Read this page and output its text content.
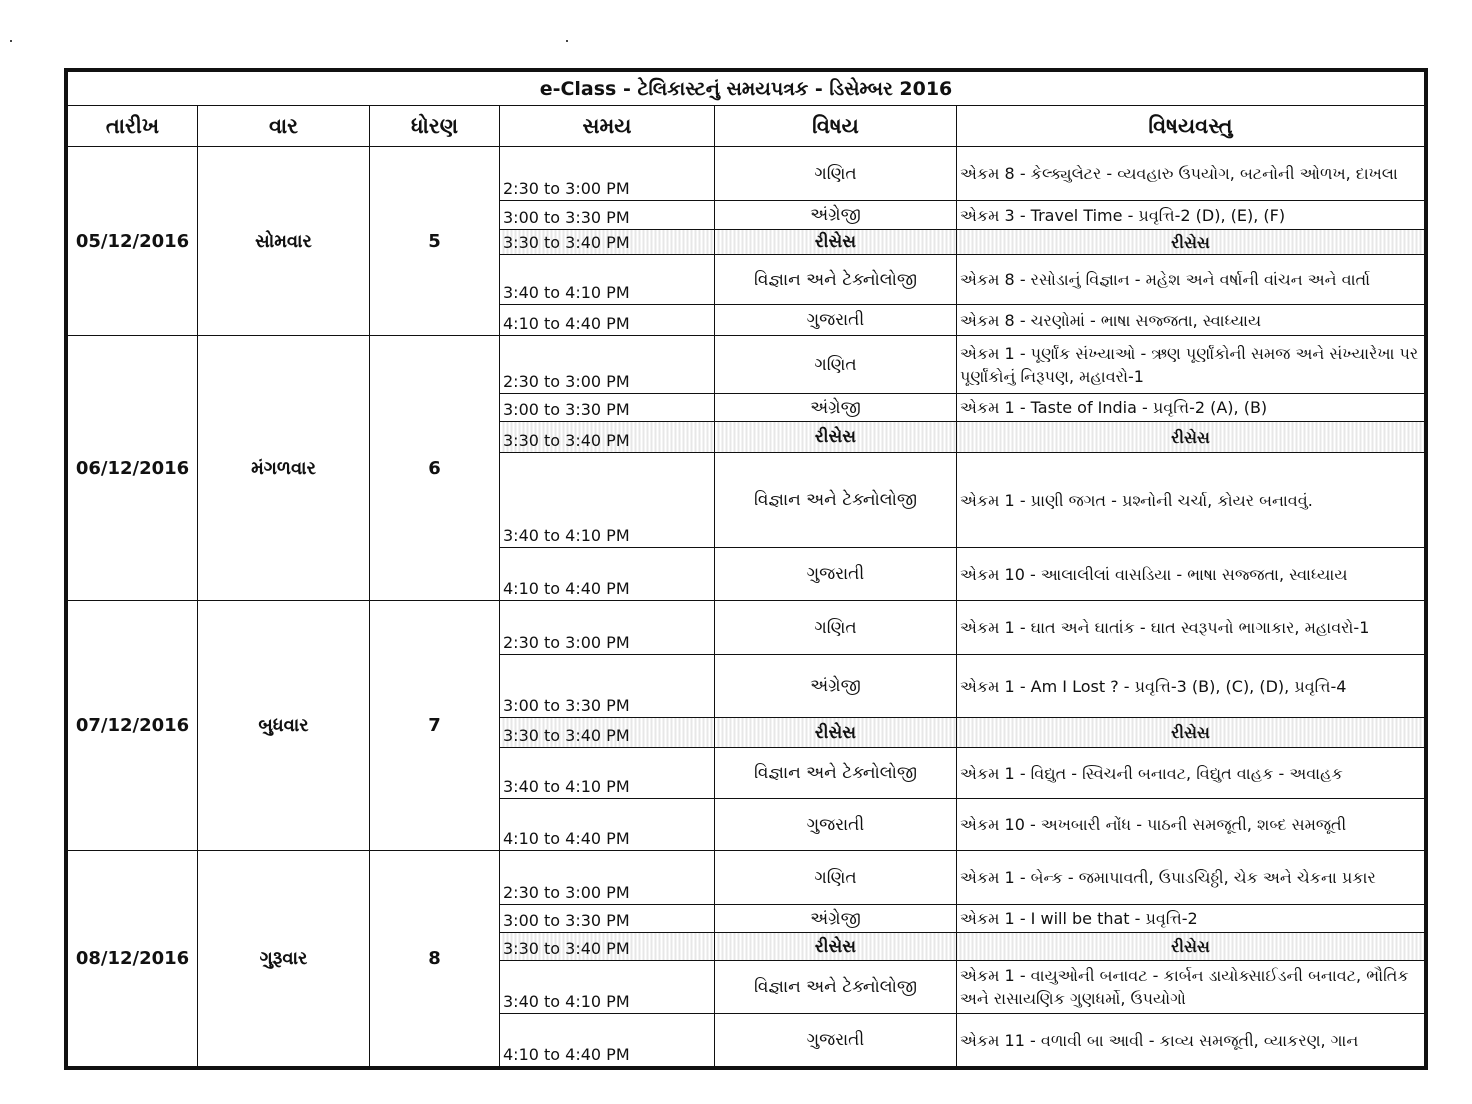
e-Class - ટેલિકાસ્ટનું સમયપત્રક - ડિસેમ્બર 2016					
તારીખ	વાર	ધોરણ	સમય	વિષય	વિષયવસ્તુ
05/12/2016	સોમવાર	5	2:30 to 3:00 PM	ગણિત	એકમ 8 - કેલ્ક્યુલેટર - વ્યવહારુ ઉપયોગ, બટનોની ઓળખ, દાખલા
			3:00 to 3:30 PM	અંગ્રેજી	એકમ 3 - Travel Time - પ્રવૃત્તિ-2 (D), (E), (F)
			3:30 to 3:40 PM	રીસેસ	રીસેસ
			3:40 to 4:10 PM	વિજ્ઞાન અને ટેક્નોલોજી	એકમ 8 - રસોડાનું વિજ્ઞાન - મહેશ અને વર્ષાની વાંચન અને વાર્તા
			4:10 to 4:40 PM	ગુજરાતી	એકમ 8 - ચરણોમાં - ભાષા સજ્જતા, સ્વાધ્યાય
06/12/2016	મંગળવાર	6	2:30 to 3:00 PM	ગણિત	એકમ 1 - પૂર્ણાંક સંખ્યાઓ - ઋણ પૂર્ણાંકોની સમજ અને સંખ્યારેખા પર પૂર્ણાંકોનું નિરૂપણ, મહાવરો-1
			3:00 to 3:30 PM	અંગ્રેજી	એકમ 1 - Taste of India - પ્રવૃત્તિ-2 (A), (B)
			3:30 to 3:40 PM	રીસેસ	રીસેસ
			3:40 to 4:10 PM	વિજ્ઞાન અને ટેક્નોલોજી	એકમ 1 - પ્રાણી જગત - પ્રશ્નોની ચર્ચા, કોયર બનાવવું.
			4:10 to 4:40 PM	ગુજરાતી	એકમ 10 - આલાલીલાં વાસડિયા - ભાષા સજ્જતા, સ્વાધ્યાય
07/12/2016	બુધવાર	7	2:30 to 3:00 PM	ગણિત	એકમ 1 - ઘાત અને ઘાતાંક - ઘાત સ્વરૂપનો ભાગાકાર, મહાવરો-1
			3:00 to 3:30 PM	અંગ્રેજી	એકમ 1 - Am I Lost ? - પ્રવૃત્તિ-3 (B), (C), (D), પ્રવૃત્તિ-4
			3:30 to 3:40 PM	રીસેસ	રીસેસ
			3:40 to 4:10 PM	વિજ્ઞાન અને ટેક્નોલોજી	એકમ 1 - વિદ્યુત - સ્વિચની બનાવટ, વિદ્યુત વાહક - અવાહક
			4:10 to 4:40 PM	ગુજરાતી	એકમ 10 - અખબારી નોંધ - પાઠની સમજૂતી, શબ્દ સમજૂતી
08/12/2016	ગુરૂવાર	8	2:30 to 3:00 PM	ગણિત	એકમ 1 - બેન્ક - જમાપાવતી, ઉપાડચિઠ્ઠી, ચેક અને ચેકના પ્રકાર
			3:00 to 3:30 PM	અંગ્રેજી	એકમ 1 - I will be that - પ્રવૃત્તિ-2
			3:30 to 3:40 PM	રીસેસ	રીસેસ
			3:40 to 4:10 PM	વિજ્ઞાન અને ટેક્નોલોજી	એકમ 1 - વાયુઓની બનાવટ - કાર્બન ડાયોક્સાઈડની બનાવટ, ભૌતિક અને રાસાયણિક ગુણધર્મો, ઉપયોગો
			4:10 to 4:40 PM	ગુજરાતી	એકમ 11 - વળાવી બા આવી - કાવ્ય સમજૂતી, વ્યાકરણ, ગાન
